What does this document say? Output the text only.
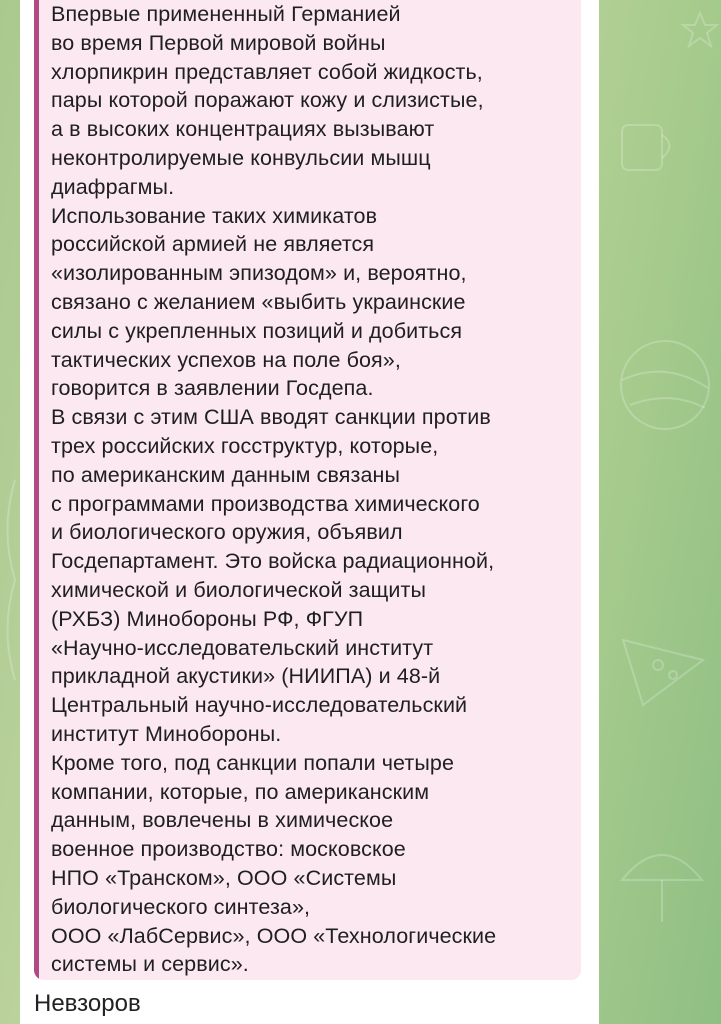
Впервые примененный Германией
во время Первой мировой войны
хлорпикрин представляет собой жидкость,
пары которой поражают кожу и слизистые,
а в высоких концентрациях вызывают
неконтролируемые конвульсии мышц
диафрагмы.
Использование таких химикатов
российской армией не является
«изолированным эпизодом» и, вероятно,
связано с желанием «выбить украинские
силы с укрепленных позиций и добиться
тактических успехов на поле боя»,
говорится в заявлении Госдепа.
В связи с этим США вводят санкции против
трех российских госструктур, которые,
по американским данным связаны
с программами производства химического
и биологического оружия, объявил
Госдепартамент. Это войска радиационной,
химической и биологической защиты
(РХБЗ) Минобороны РФ, ФГУП
«Научно-исследовательский институт
прикладной акустики» (НИИПА) и 48-й
Центральный научно-исследовательский
институт Минобороны.
Кроме того, под санкции попали четыре
компании, которые, по американским
данным, вовлечены в химическое
военное производство: московское
НПО «Транском», ООО «Системы
биологического синтеза»,
ООО «ЛабСервис», ООО «Технологические
системы и сервис».
Невзоров
